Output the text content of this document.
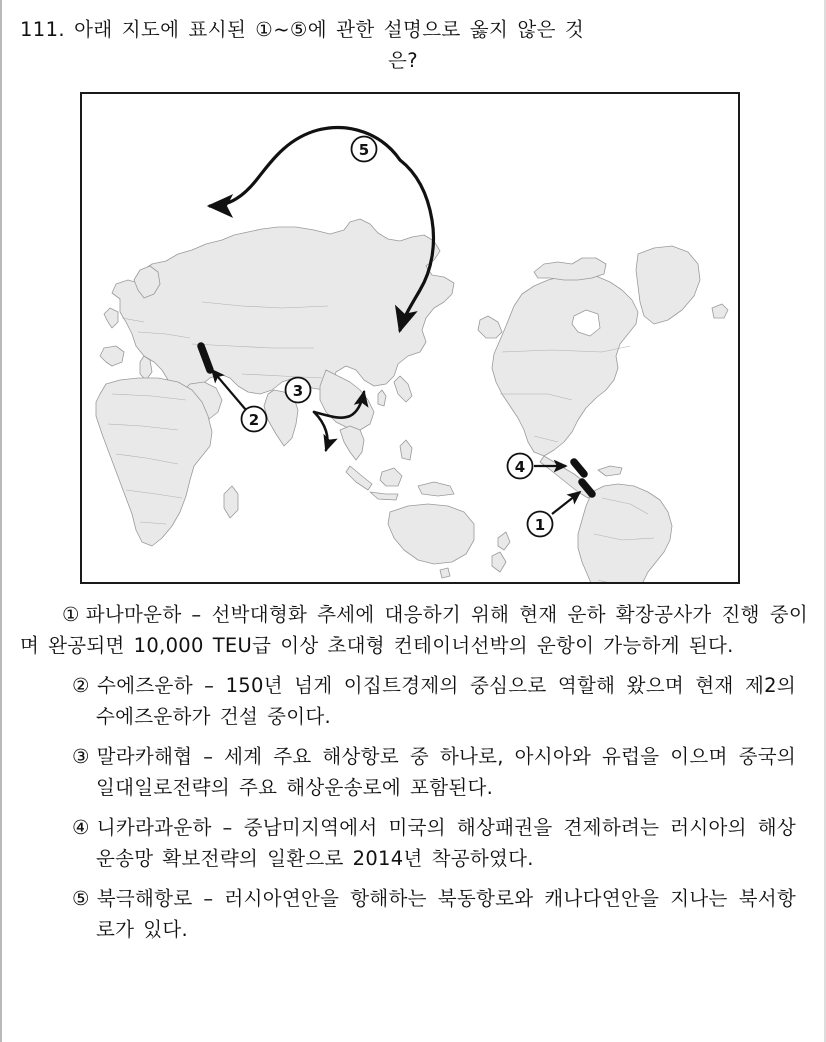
111. 아래 지도에 표시된 ①~⑤에 관한 설명으로 옳지 않은 것
은?
5
2
3
4
1
① 파나마운하 – 선박대형화 추세에 대응하기 위해 현재 운하 확장공사가 진행 중이며 완공되면 10,000 TEU급 이상 초대형 컨테이너선박의 운항이 가능하게 된다.
② 수에즈운하 – 150년 넘게 이집트경제의 중심으로 역할해 왔으며 현재 제2의 수에즈운하가 건설 중이다.
③ 말라카해협 – 세계 주요 해상항로 중 하나로, 아시아와 유럽을 이으며 중국의 일대일로전략의 주요 해상운송로에 포함된다.
④ 니카라과운하 – 중남미지역에서 미국의 해상패권을 견제하려는 러시아의 해상운송망 확보전략의 일환으로 2014년 착공하였다.
⑤ 북극해항로 – 러시아연안을 항해하는 북동항로와 캐나다연안을 지나는 북서항로가 있다.
